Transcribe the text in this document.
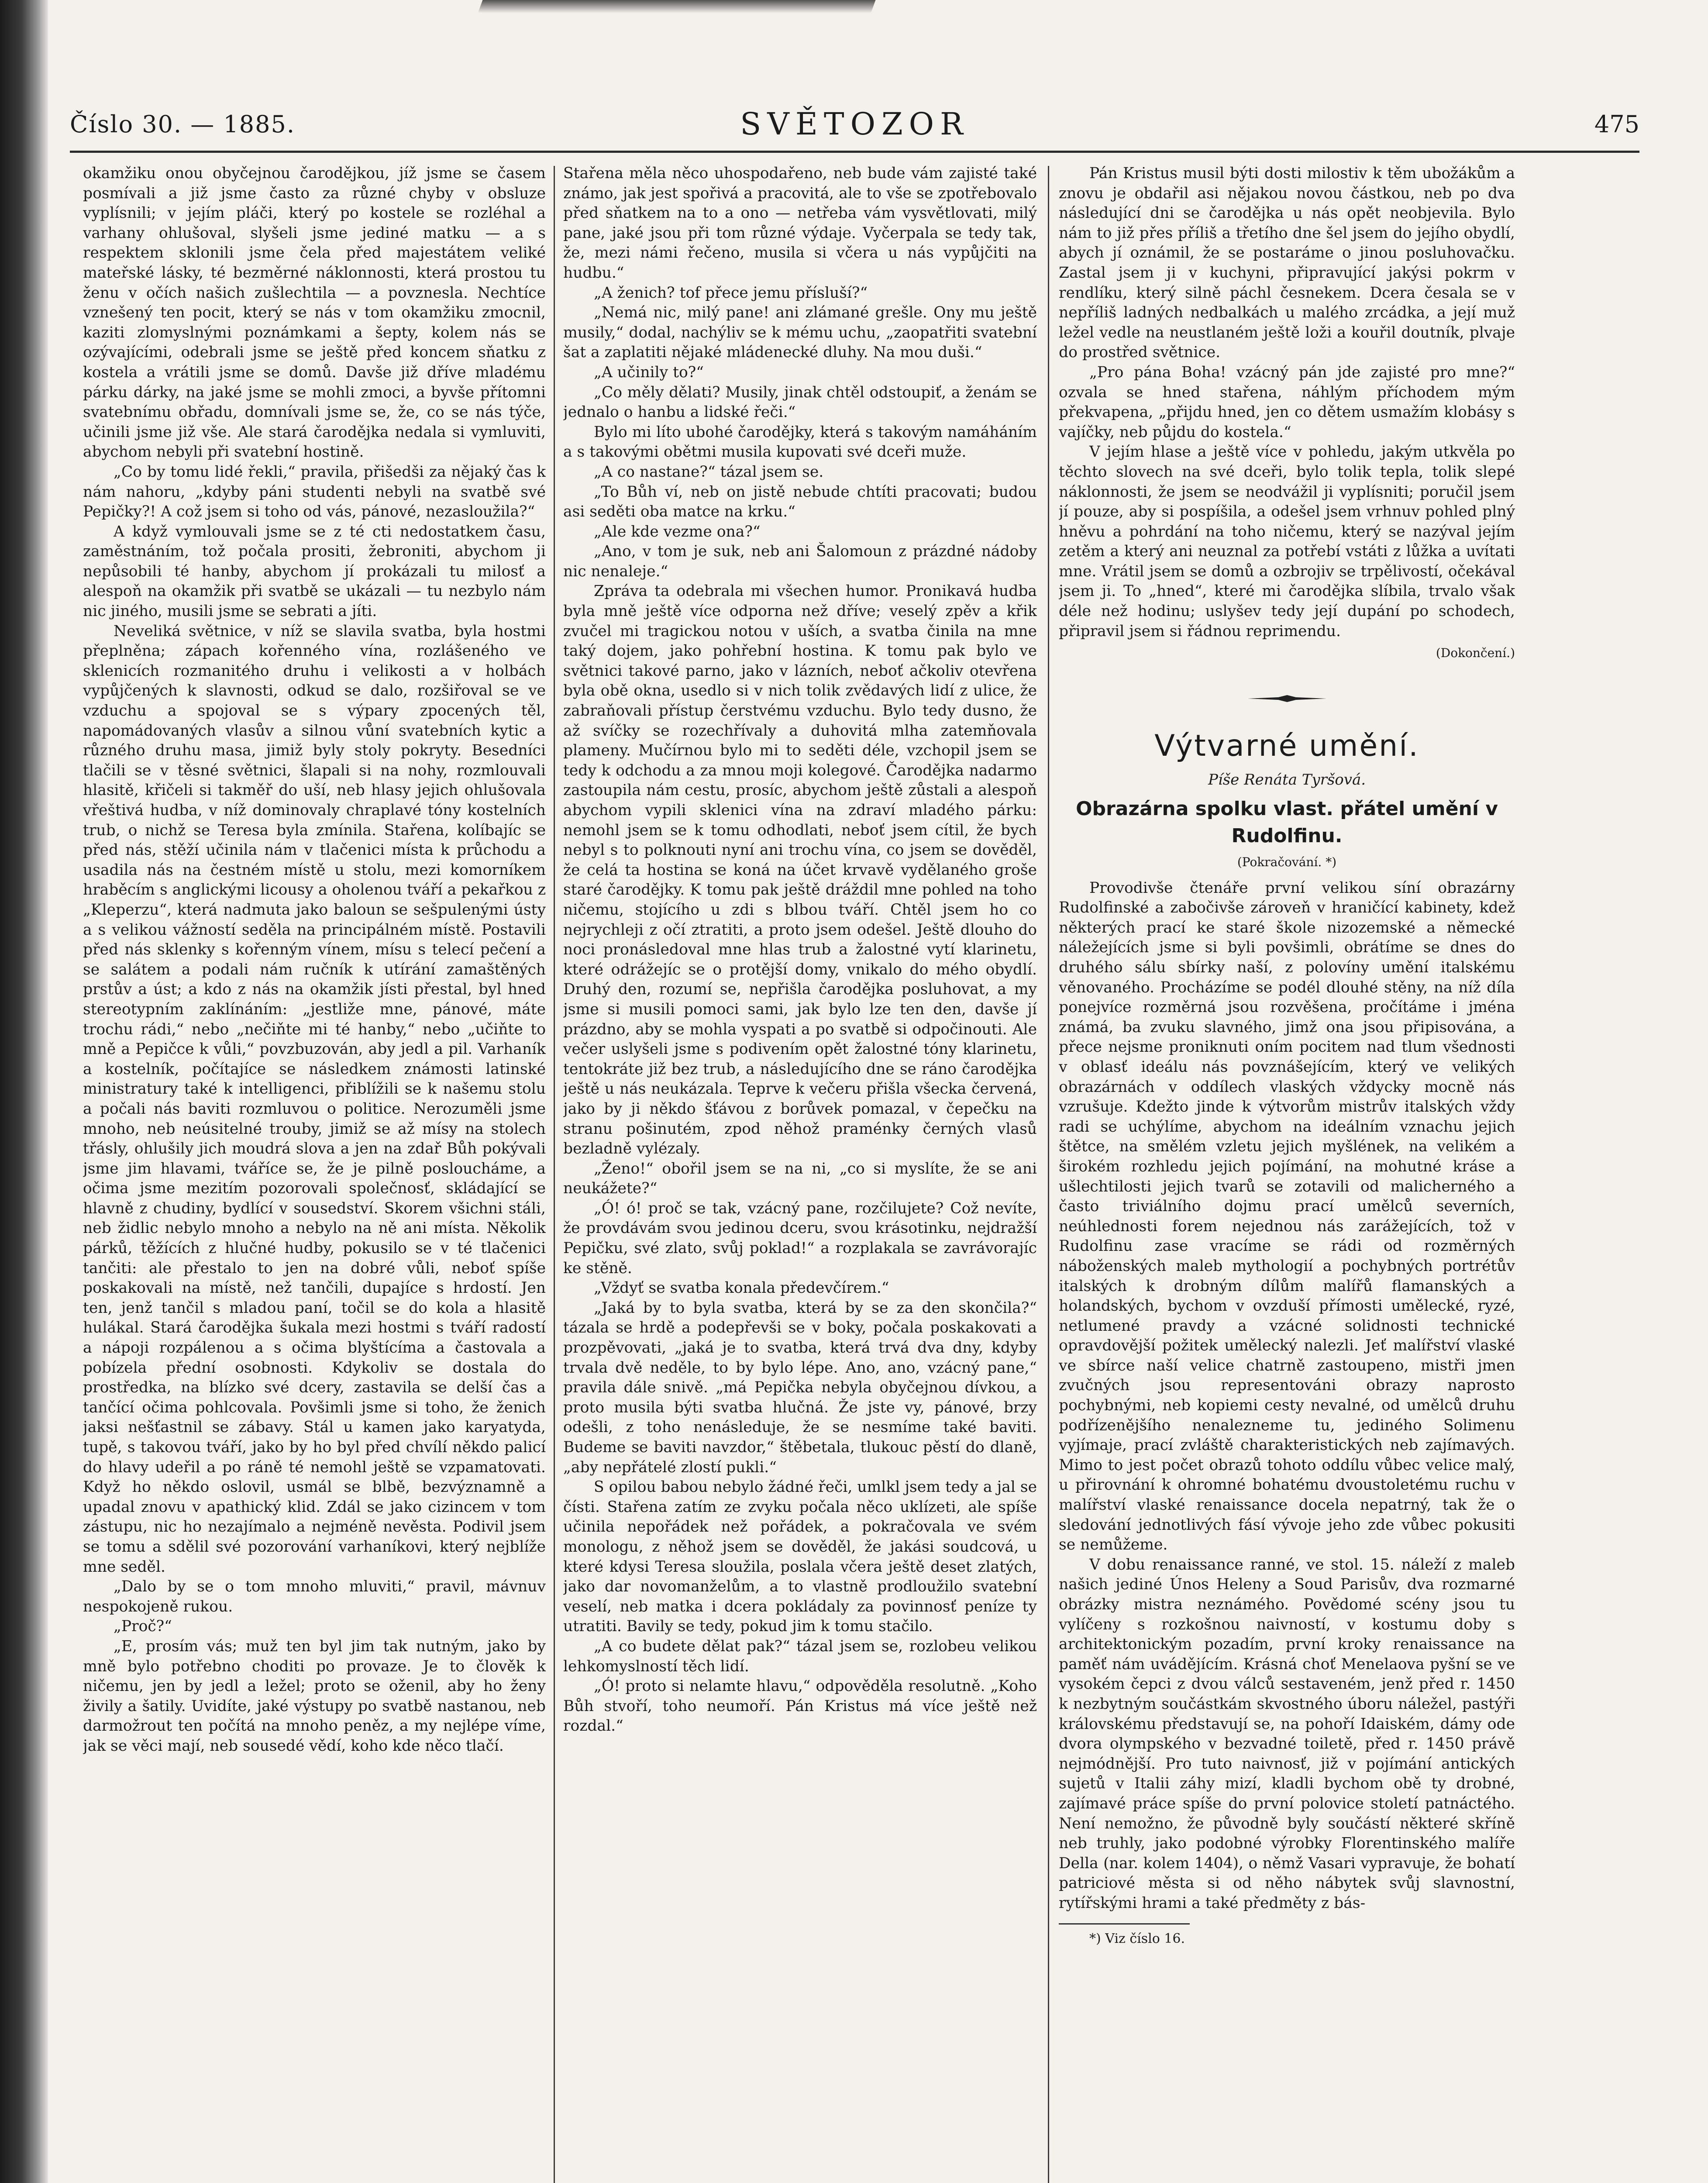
Číslo 30. — 1885.	SVĚTOZOR	475

okamžiku onou obyčejnou čarodějkou, jíž jsme se časem posmívali a již jsme často za různé chyby v obsluze vyplísnili; v jejím pláči, který po kostele se rozléhal a varhany ohlušoval, slyšeli jsme jediné matku — a s respektem sklonili jsme čela před majestátem veliké mateřské lásky, té bezměrné náklonnosti, která prostou tu ženu v očích našich zušlechtila — a povznesla. Nechtíce vznešený ten pocit, který se nás v tom okamžiku zmocnil, kaziti zlomyslnými poznámkami a šepty, kolem nás se ozývajícími, odebrali jsme se ještě před koncem sňatku z kostela a vrátili jsme se domů. Davše již dříve mladému párku dárky, na jaké jsme se mohli zmoci, a byvše přítomni svatebnímu obřadu, domnívali jsme se, že, co se nás týče, učinili jsme již vše. Ale stará čarodějka nedala si vymluviti, abychom nebyli při svatební hostině.

„Co by tomu lidé řekli,“ pravila, přišedši za nějaký čas k nám nahoru, „kdyby páni studenti nebyli na svatbě své Pepičky?! A což jsem si toho od vás, pánové, nezasloužila?“

A když vymlouvali jsme se z té cti nedostatkem času, zaměstnáním, tož počala prositi, žebroniti, abychom ji nepůsobili té hanby, abychom jí prokázali tu milosť a alespoň na okamžik při svatbě se ukázali — tu nezbylo nám nic jiného, musili jsme se sebrati a jíti.

Neveliká světnice, v níž se slavila svatba, byla hostmi přeplněna; zápach kořenného vína, rozlášeného ve sklenicích rozmanitého druhu i velikosti a v holbách vypůjčených k slavnosti, odkud se dalo, rozšiřoval se ve vzduchu a spojoval se s výpary zpocených těl, napomádovaných vlasův a silnou vůní svatebních kytic a různého druhu masa, jimiž byly stoly pokryty. Besedníci tlačili se v těsné světnici, šlapali si na nohy, rozmlouvali hlasitě, křičeli si takměř do uší, neb hlasy jejich ohlušovala vřeštivá hudba, v níž dominovaly chraplavé tóny kostelních trub, o nichž se Teresa byla zmínila. Stařena, kolíbajíc se před nás, stěží učinila nám v tlačenici místa k průchodu a usadila nás na čestném místě u stolu, mezi komorníkem hraběcím s anglickými licousy a oholenou tváří a pekařkou z „Kleperzu“, která nadmuta jako baloun se sešpulenými ústy a s velikou vážností seděla na principálném místě. Postavili před nás sklenky s kořenným vínem, mísu s telecí pečení a se salátem a podali nám ručník k utírání zamaštěných prstův a úst; a kdo z nás na okamžik jísti přestal, byl hned stereotypním zaklínáním: „jestliže mne, pánové, máte trochu rádi,“ nebo „nečiňte mi té hanby,“ nebo „učiňte to mně a Pepičce k vůli,“ povzbuzován, aby jedl a pil. Varhaník a kostelník, počítajíce se následkem známosti latinské ministratury také k intelligenci, přiblížili se k našemu stolu a počali nás baviti rozmluvou o politice. Nerozuměli jsme mnoho, neb neúsitelné trouby, jimiž se až mísy na stolech třásly, ohlušily jich moudrá slova a jen na zdař Bůh pokývali jsme jim hlavami, tváříce se, že je pilně posloucháme, a očima jsme mezitím pozorovali společnosť, skládající se hlavně z chudiny, bydlící v sousedství. Skorem všichni stáli, neb židlic nebylo mnoho a nebylo na ně ani místa. Několik párků, těžících z hlučné hudby, pokusilo se v té tlačenici tančiti: ale přestalo to jen na dobré vůli, neboť spíše poskakovali na místě, než tančili, dupajíce s hrdostí. Jen ten, jenž tančil s mladou paní, točil se do kola a hlasitě hulákal. Stará čarodějka šukala mezi hostmi s tváří radostí a nápoji rozpálenou a s očima blyštícíma a častovala a pobízela přední osobnosti. Kdykoliv se dostala do prostředka, na blízko své dcery, zastavila se delší čas a tančící očima pohlcovala. Povšimli jsme si toho, že ženich jaksi nešťastnil se zábavy. Stál u kamen jako karyatyda, tupě, s takovou tváří, jako by ho byl před chvílí někdo palicí do hlavy udeřil a po ráně té nemohl ještě se vzpamatovati. Když ho někdo oslovil, usmál se blbě, bezvýznamně a upadal znovu v apathický klid. Zdál se jako cizincem v tom zástupu, nic ho nezajímalo a nejméně nevěsta. Podivil jsem se tomu a sdělil své pozorování varhaníkovi, který nejblíže mne seděl.

„Dalo by se o tom mnoho mluviti,“ pravil, mávnuv nespokojeně rukou.

„Proč?“

„E, prosím vás; muž ten byl jim tak nutným, jako by mně bylo potřebno choditi po provaze. Je to člověk k ničemu, jen by jedl a ležel; proto se oženil, aby ho ženy živily a šatily. Uvidíte, jaké výstupy po svatbě nastanou, neb darmožrout ten počítá na mnoho peněz, a my nejlépe víme, jak se věci mají, neb sousedé vědí, koho kde něco tlačí.

Stařena měla něco uhospodařeno, neb bude vám zajisté také známo, jak jest spořivá a pracovitá, ale to vše se zpotřebovalo před sňatkem na to a ono — netřeba vám vysvětlovati, milý pane, jaké jsou při tom různé výdaje. Vyčerpala se tedy tak, že, mezi námi řečeno, musila si včera u nás vypůjčiti na hudbu.“

„A ženich? tof přece jemu přísluší?“

„Nemá nic, milý pane! ani zlámané grešle. Ony mu ještě musily,“ dodal, nachýliv se k mému uchu, „zaopatřiti svatební šat a zaplatiti nějaké mládenecké dluhy. Na mou duši.“

„A učinily to?“

„Co měly dělati? Musily, jinak chtěl odstoupiť, a ženám se jednalo o hanbu a lidské řeči.“

Bylo mi líto ubohé čarodějky, která s takovým namáháním a s takovými obětmi musila kupovati své dceři muže.

„A co nastane?“ tázal jsem se.

„To Bůh ví, neb on jistě nebude chtíti pracovati; budou asi seděti oba matce na krku.“

„Ale kde vezme ona?“

„Ano, v tom je suk, neb ani Šalomoun z prázdné nádoby nic nenaleje.“

Zpráva ta odebrala mi všechen humor. Pronikavá hudba byla mně ještě více odporna než dříve; veselý zpěv a křik zvučel mi tragickou notou v uších, a svatba činila na mne taký dojem, jako pohřební hostina. K tomu pak bylo ve světnici takové parno, jako v lázních, neboť ačkoliv otevřena byla obě okna, usedlo si v nich tolik zvědavých lidí z ulice, že zabraňovali přístup čerstvému vzduchu. Bylo tedy dusno, že až svíčky se rozechřívaly a duhovitá mlha zatemňovala plameny. Mučírnou bylo mi to seděti déle, vzchopil jsem se tedy k odchodu a za mnou moji kolegové. Čarodějka nadarmo zastoupila nám cestu, prosíc, abychom ještě zůstali a alespoň abychom vypili sklenici vína na zdraví mladého párku: nemohl jsem se k tomu odhodlati, neboť jsem cítil, že bych nebyl s to polknouti nyní ani trochu vína, co jsem se dověděl, že celá ta hostina se koná na účet krvavě vydělaného groše staré čarodějky. K tomu pak ještě dráždil mne pohled na toho ničemu, stojícího u zdi s blbou tváří. Chtěl jsem ho co nejrychleji z očí ztratiti, a proto jsem odešel. Ještě dlouho do noci pronásledoval mne hlas trub a žalostné vytí klarinetu, které odrážejíc se o protější domy, vnikalo do mého obydlí. Druhý den, rozumí se, nepřišla čarodějka posluhovat, a my jsme si musili pomoci sami, jak bylo lze ten den, davše jí prázdno, aby se mohla vyspati a po svatbě si odpočinouti. Ale večer uslyšeli jsme s podivením opět žalostné tóny klarinetu, tentokráte již bez trub, a následujícího dne se ráno čarodějka ještě u nás neukázala. Teprve k večeru přišla všecka červená, jako by ji někdo šťávou z borůvek pomazal, v čepečku na stranu pošinutém, zpod něhož praménky černých vlasů bezladně vylézaly.

„Ženo!“ obořil jsem se na ni, „co si myslíte, že se ani neukážete?“

„Ó! ó! proč se tak, vzácný pane, rozčilujete? Což nevíte, že provdávám svou jedinou dceru, svou krásotinku, nejdražší Pepičku, své zlato, svůj poklad!“ a rozplakala se zavrávorajíc ke stěně.

„Vždyť se svatba konala předevčírem.“

„Jaká by to byla svatba, která by se za den skončila?“ tázala se hrdě a podepřevši se v boky, počala poskakovati a prozpěvovati, „jaká je to svatba, která trvá dva dny, kdyby trvala dvě neděle, to by bylo lépe. Ano, ano, vzácný pane,“ pravila dále snivě. „má Pepička nebyla obyčejnou dívkou, a proto musila býti svatba hlučná. Že jste vy, pánové, brzy odešli, z toho nenásleduje, že se nesmíme také baviti. Budeme se baviti navzdor,“ štěbetala, tlukouc pěstí do dlaně, „aby nepřátelé zlostí pukli.“

S opilou babou nebylo žádné řeči, umlkl jsem tedy a jal se čísti. Stařena zatím ze zvyku počala něco uklízeti, ale spíše učinila nepořádek než pořádek, a pokračovala ve svém monologu, z něhož jsem se dověděl, že jakási soudcová, u které kdysi Teresa sloužila, poslala včera ještě deset zlatých, jako dar novomanželům, a to vlastně prodloužilo svatební veselí, neb matka i dcera pokládaly za povinnosť peníze ty utratiti. Bavily se tedy, pokud jim k tomu stačilo.

„A co budete dělat pak?“ tázal jsem se, rozlobeu velikou lehkomyslností těch lidí.

„Ó! proto si nelamte hlavu,“ odpověděla resolutně. „Koho Bůh stvoří, toho neumoří. Pán Kristus má více ještě než rozdal.“

Pán Kristus musil býti dosti milostiv k těm ubožákům a znovu je obdařil asi nějakou novou částkou, neb po dva následující dni se čarodějka u nás opět neobjevila. Bylo nám to již přes příliš a třetího dne šel jsem do jejího obydlí, abych jí oznámil, že se postaráme o jinou posluhovačku. Zastal jsem ji v kuchyni, připravující jakýsi pokrm v rendlíku, který silně páchl česnekem. Dcera česala se v nepříliš ladných nedbalkách u malého zrcádka, a její muž ležel vedle na neustlaném ještě loži a kouřil doutník, plvaje do prostřed světnice.

„Pro pána Boha! vzácný pán jde zajisté pro mne?“ ozvala se hned stařena, náhlým příchodem mým překvapena, „přijdu hned, jen co dětem usmažím klobásy s vajíčky, neb půjdu do kostela.“

V jejím hlase a ještě více v pohledu, jakým utkvěla po těchto slovech na své dceři, bylo tolik tepla, tolik slepé náklonnosti, že jsem se neodvážil ji vyplísniti; poručil jsem jí pouze, aby si pospíšila, a odešel jsem vrhnuv pohled plný hněvu a pohrdání na toho ničemu, který se nazýval jejím zetěm a který ani neuznal za potřebí vstáti z lůžka a uvítati mne. Vrátil jsem se domů a ozbrojiv se trpělivostí, očekával jsem ji. To „hned“, které mi čarodějka slíbila, trvalo však déle než hodinu; uslyšev tedy její dupání po schodech, připravil jsem si řádnou reprimendu.

(Dokončení.)
Výtvarné umění.
Píše Renáta Tyršová.
Obrazárna spolku vlast. přátel umění v Rudolfinu.
(Pokračování. *)

Provodivše čtenáře první velikou síní obrazárny Rudolfinské a zabočivše zároveň v hraničící kabinety, kdež některých prací ke staré škole nizozemské a německé náležejících jsme si byli povšimli, obrátíme se dnes do druhého sálu sbírky naší, z polovíny umění italskému věnovaného. Procházíme se podél dlouhé stěny, na níž díla ponejvíce rozměrná jsou rozvěšena, pročítáme i jména známá, ba zvuku slavného, jimž ona jsou připisována, a přece nejsme proniknuti oním pocitem nad tlum všednosti v oblasť ideálu nás povznášejícím, který ve velikých obrazárnách v oddílech vlaských vždycky mocně nás vzrušuje. Kdežto jinde k výtvorům mistrův italských vždy radi se uchýlíme, abychom na ideálním vznachu jejich štětce, na smělém vzletu jejich myšlének, na velikém a širokém rozhledu jejich pojímání, na mohutné kráse a ušlechtilosti jejich tvarů se zotavili od malicherného a často triviálního dojmu prací umělců severních, neúhlednosti forem nejednou nás zarážejících, tož v Rudolfinu zase vracíme se rádi od rozměrných náboženských maleb mythologií a pochybných portrétův italských k drobným dílům malířů flamanských a holandských, bychom v ovzduší přímosti umělecké, ryzé, netlumené pravdy a vzácné solidnosti technické opravdovější požitek umělecký nalezli. Jeť malířství vlaské ve sbírce naší velice chatrně zastoupeno, mistři jmen zvučných jsou representováni obrazy naprosto pochybnými, neb kopiemi cesty nevalné, od umělců druhu podřízenějšího nenalezneme tu, jediného Solimenu vyjímaje, prací zvláště charakteristických neb zajímavých. Mimo to jest počet obrazů tohoto oddílu vůbec velice malý, u přirovnání k ohromné bohatému dvoustoletému ruchu v malířství vlaské renaissance docela nepatrný, tak že o sledování jednotlivých fásí vývoje jeho zde vůbec pokusiti se nemůžeme.

V dobu renaissance ranné, ve stol. 15. náleží z maleb našich jediné Únos Heleny a Soud Parisův, dva rozmarné obrázky mistra neznámého. Povědomé scény jsou tu vylíčeny s rozkošnou naivností, v kostumu doby s architektonickým pozadím, první kroky renaissance na paměť nám uvádějícím. Krásná choť Menelaova pyšní se ve vysokém čepci z dvou válců sestaveném, jenž před r. 1450 k nezbytným součástkám skvostného úboru náležel, pastýři královskému představují se, na pohoří Idaiském, dámy ode dvora olympského v bezvadné toiletě, před r. 1450 právě nejmódnější. Pro tuto naivnosť, již v pojímání antických sujetů v Italii záhy mizí, kladli bychom obě ty drobné, zajímavé práce spíše do první polovice století patnáctého. Není nemožno, že původně byly součástí některé skříně neb truhly, jako podobné výrobky Florentinského malíře Della (nar. kolem 1404), o němž Vasari vypravuje, že bohatí patriciové města si od něho nábytek svůj slavnostní, rytířskými hrami a také předměty z bás-

*) Viz číslo 16.
